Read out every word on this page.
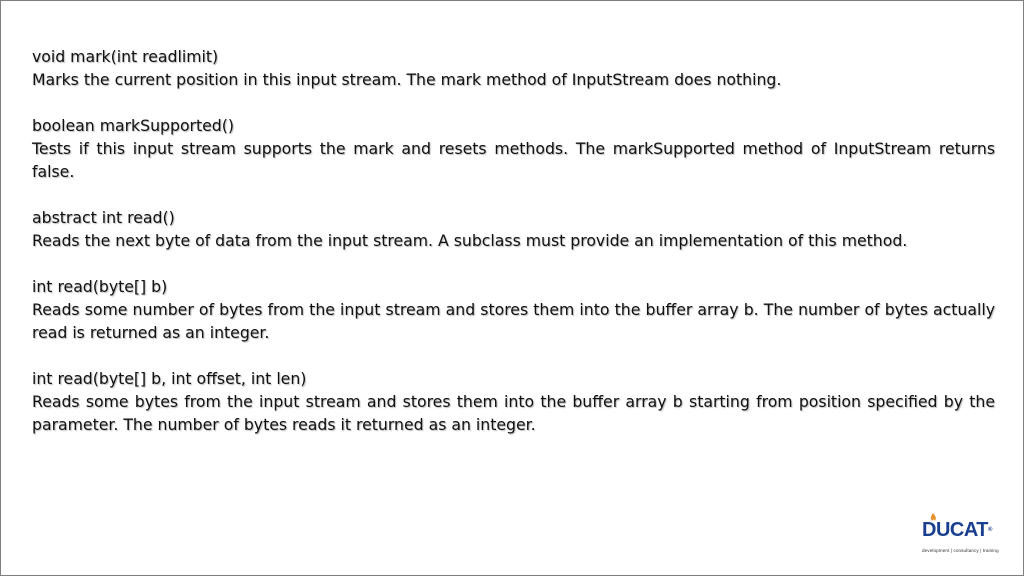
void mark(int readlimit)

Marks the current position in this input stream. The mark method of InputStream does nothing.

boolean markSupported()

Tests if this input stream supports the mark and resets methods. The markSupported method of InputStream returns false.

abstract int read()

Reads the next byte of data from the input stream. A subclass must provide an implementation of this method.

int read(byte[] b)

Reads some number of bytes from the input stream and stores them into the buffer array b. The number of bytes actually read is returned as an integer.

int read(byte[] b, int offset, int len)

Reads some bytes from the input stream and stores them into the buffer array b starting from position specified by the parameter. The number of bytes reads it returned as an integer.

DUCAT®
development | consultancy | training
